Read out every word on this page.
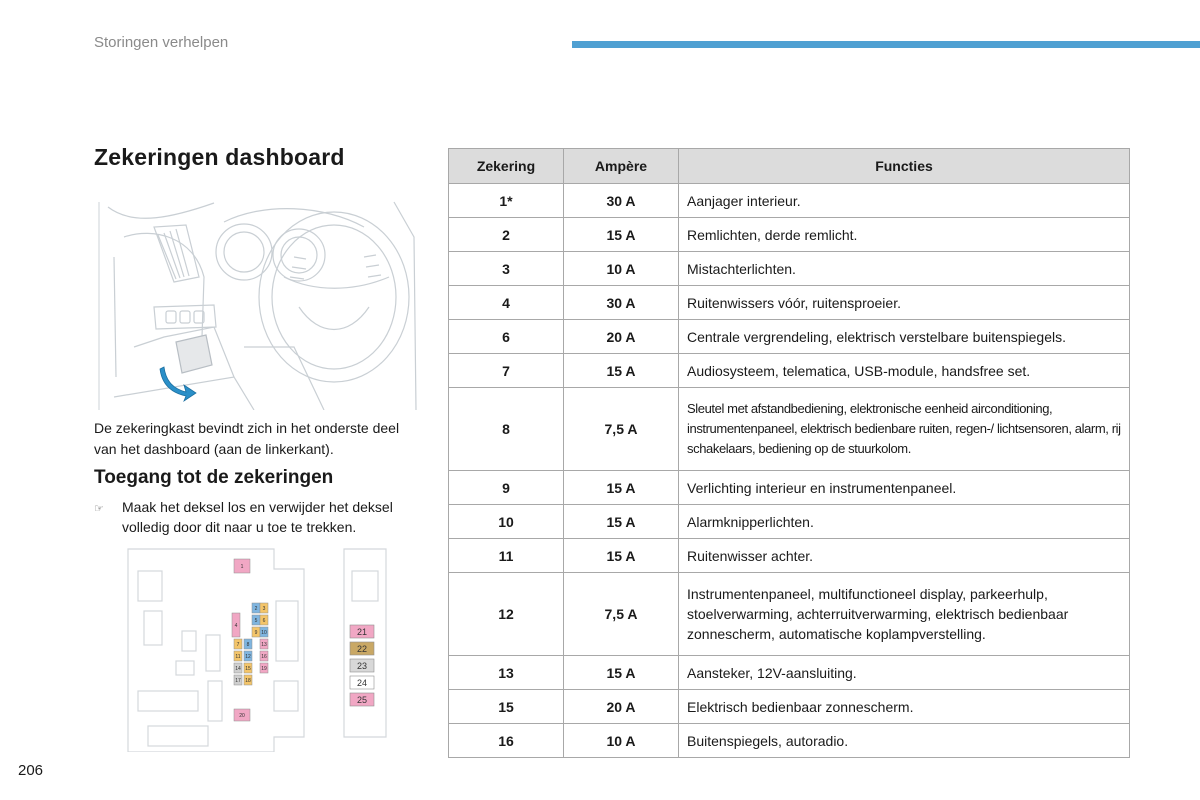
Storingen verhelpen
Zekeringen dashboard
De zekeringkast bevindt zich in het onderste deel van het dashboard (aan de linkerkant).
Toegang tot de zekeringen
☞	Maak het deksel los en verwijder het deksel volledig door dit naar u toe te trekken.
1
2 3
4
5 6
7 8
9 10
11 12
13
14 15
16
17 18
19
20
21
22
23
24
25
206
Zekering	Ampère	Functies
1*	30 A	Aanjager interieur.
2	15 A	Remlichten, derde remlicht.
3	10 A	Mistachterlichten.
4	30 A	Ruitenwissers vóór, ruitensproeier.
6	20 A	Centrale vergrendeling, elektrisch verstelbare buitenspiegels.
7	15 A	Audiosysteem, telematica, USB-module, handsfree set.
8	7,5 A	Sleutel met afstandbediening, elektronische eenheid airconditioning, instrumentenpaneel, elektrisch bedienbare ruiten, regen-/ lichtsensoren, alarm, rij schakelaars, bediening op de stuurkolom.
9	15 A	Verlichting interieur en instrumentenpaneel.
10	15 A	Alarmknipperlichten.
11	15 A	Ruitenwisser achter.
12	7,5 A	Instrumentenpaneel, multifunctioneel display, parkeerhulp, stoelverwarming, achterruitverwarming, elektrisch bedienbaar zonnescherm, automatische koplampverstelling.
13	15 A	Aansteker, 12V-aansluiting.
15	20 A	Elektrisch bedienbaar zonnescherm.
16	10 A	Buitenspiegels, autoradio.
